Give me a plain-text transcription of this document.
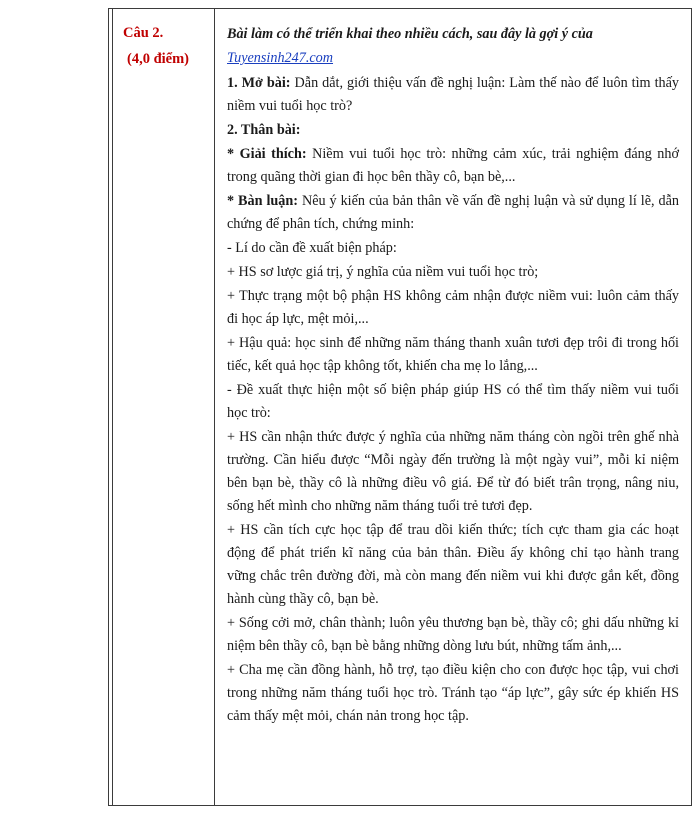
Câu 2.
(4,0 điểm)

Bài làm có thể triển khai theo nhiều cách, sau đây là gợi ý của

Tuyensinh247.com

1. Mở bài: Dẫn dắt, giới thiệu vấn đề nghị luận: Làm thế nào để luôn tìm thấy niềm vui tuổi học trò?

2. Thân bài:

* Giải thích: Niềm vui tuổi học trò: những cảm xúc, trải nghiệm đáng nhớ trong quãng thời gian đi học bên thầy cô, bạn bè,...

* Bàn luận: Nêu ý kiến của bản thân về vấn đề nghị luận và sử dụng lí lẽ, dẫn chứng để phân tích, chứng minh:

- Lí do cần đề xuất biện pháp:

+ HS sơ lược giá trị, ý nghĩa của niềm vui tuổi học trò;

+ Thực trạng một bộ phận HS không cảm nhận được niềm vui: luôn cảm thấy đi học áp lực, mệt mỏi,...

+ Hậu quả: học sinh để những năm tháng thanh xuân tươi đẹp trôi đi trong hối tiếc, kết quả học tập không tốt, khiến cha mẹ lo lắng,...

- Đề xuất thực hiện một số biện pháp giúp HS có thể tìm thấy niềm vui tuổi học trò:

+ HS cần nhận thức được ý nghĩa của những năm tháng còn ngồi trên ghế nhà trường. Cần hiểu được “Mỗi ngày đến trường là một ngày vui”, mỗi kỉ niệm bên bạn bè, thầy cô là những điều vô giá. Để từ đó biết trân trọng, nâng niu, sống hết mình cho những năm tháng tuổi trẻ tươi đẹp.

+ HS cần tích cực học tập để trau dồi kiến thức; tích cực tham gia các hoạt động để phát triển kĩ năng của bản thân. Điều ấy không chỉ tạo hành trang vững chắc trên đường đời, mà còn mang đến niềm vui khi được gắn kết, đồng hành cùng thầy cô, bạn bè.

+ Sống cởi mở, chân thành; luôn yêu thương bạn bè, thầy cô; ghi dấu những kỉ niệm bên thầy cô, bạn bè bằng những dòng lưu bút, những tấm ảnh,...

+ Cha mẹ cần đồng hành, hỗ trợ, tạo điều kiện cho con được học tập, vui chơi trong những năm tháng tuổi học trò. Tránh tạo “áp lực”, gây sức ép khiến HS cảm thấy mệt mỏi, chán nản trong học tập.
